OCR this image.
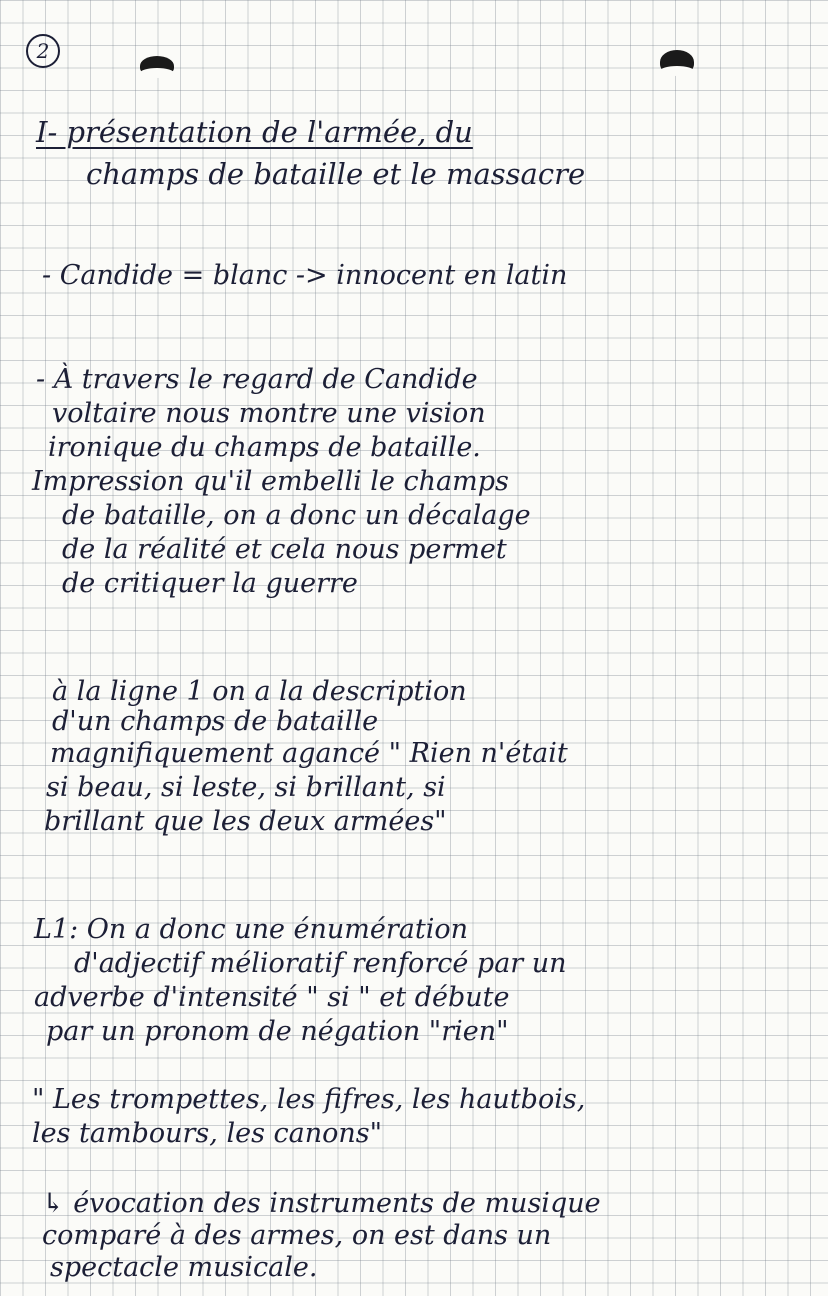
2
I- présentation de l'armée, du
champs de bataille et le massacre
- Candide = blanc -> innocent en latin
- À travers le regard de Candide
voltaire nous montre une vision
ironique du champs de bataille.
Impression qu'il embelli le champs
de bataille, on a donc un décalage
de la réalité et cela nous permet
de critiquer la guerre
à la ligne 1 on a la description
d'un champs de bataille
magnifiquement agancé " Rien n'était
si beau, si leste, si brillant, si
brillant que les deux armées"
L1: On a donc une énumération
d'adjectif mélioratif renforcé par un
adverbe d'intensité " si " et débute
par un pronom de négation "rien"
" Les trompettes, les fifres, les hautbois,
les tambours, les canons"
↳ évocation des instruments de musique
comparé à des armes, on est dans un
spectacle musicale.
